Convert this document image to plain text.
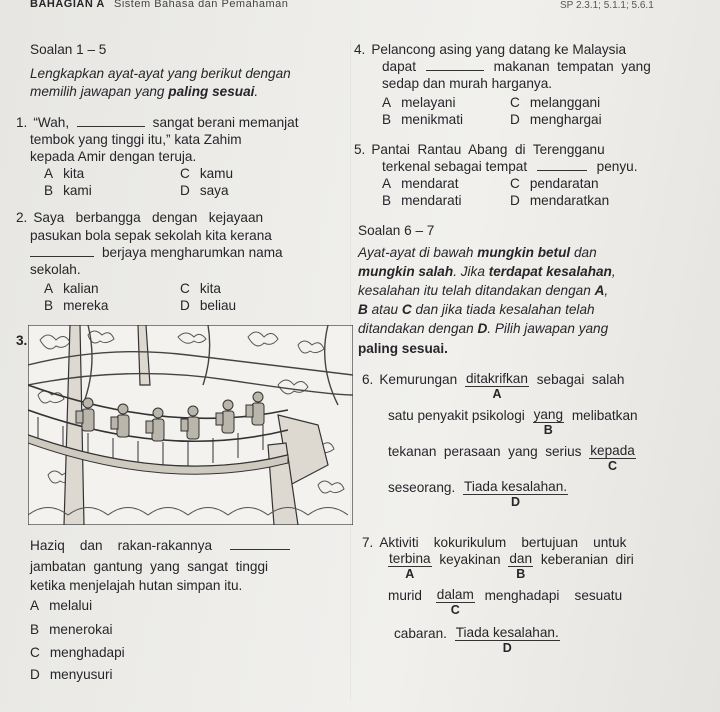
BAHAGIAN A Sistem Bahasa dan Pemahaman	SP 2.3.1; 5.1.1; 5.6.1
Soalan 1 – 5
Lengkapkan ayat-ayat yang berikut dengan
memilih jawapan yang paling sesuai.
1. “Wah,	sangat berani memanjat
tembok yang tinggi itu,” kata Zahim
kepada Amir dengan teruja.
A kita
B kami
C kamu
D saya
2. Saya   berbangga   dengan   kejayaan
pasukan bola sepak sekolah kita kerana
berjaya mengharumkan nama
sekolah.
A kalian
B mereka
C kita
D beliau
3.
Haziq    dan    rakan-rakannya
jambatan  gantung  yang  sangat  tinggi
ketika menjelajah hutan simpan itu.
A melalui
B menerokai
C menghadapi
D menyusuri
4. Pelancong asing yang datang ke Malaysia
dapat	makanan  tempatan  yang
sedap dan murah harganya.
A melayani
B menikmati
C melanggani
D menghargai
5. Pantai  Rantau  Abang  di  Terengganu
terkenal sebagai tempat	penyu.
A mendarat
B mendarati
C pendaratan
D mendaratkan
Soalan 6 – 7
Ayat-ayat di bawah mungkin betul dan
mungkin salah. Jika terdapat kesalahan,
kesalahan itu telah ditandakan dengan A,
B atau C dan jika tiada kesalahan telah
ditandakan dengan D. Pilih jawapan yang
paling sesuai.
6. Kemurungan ditakrifkan
A
sebagai  salah
satu penyakit psikologi yang
B
melibatkan
tekanan  perasaan  yang  serius kepada
C
seseorang. Tiada kesalahan.
D
7. Aktiviti    kokurikulum    bertujuan    untuk
terbina
A
keyakinan dan
B
keberanian  diri
murid dalam
C
menghadapi    sesuatu
cabaran. Tiada kesalahan.
D
